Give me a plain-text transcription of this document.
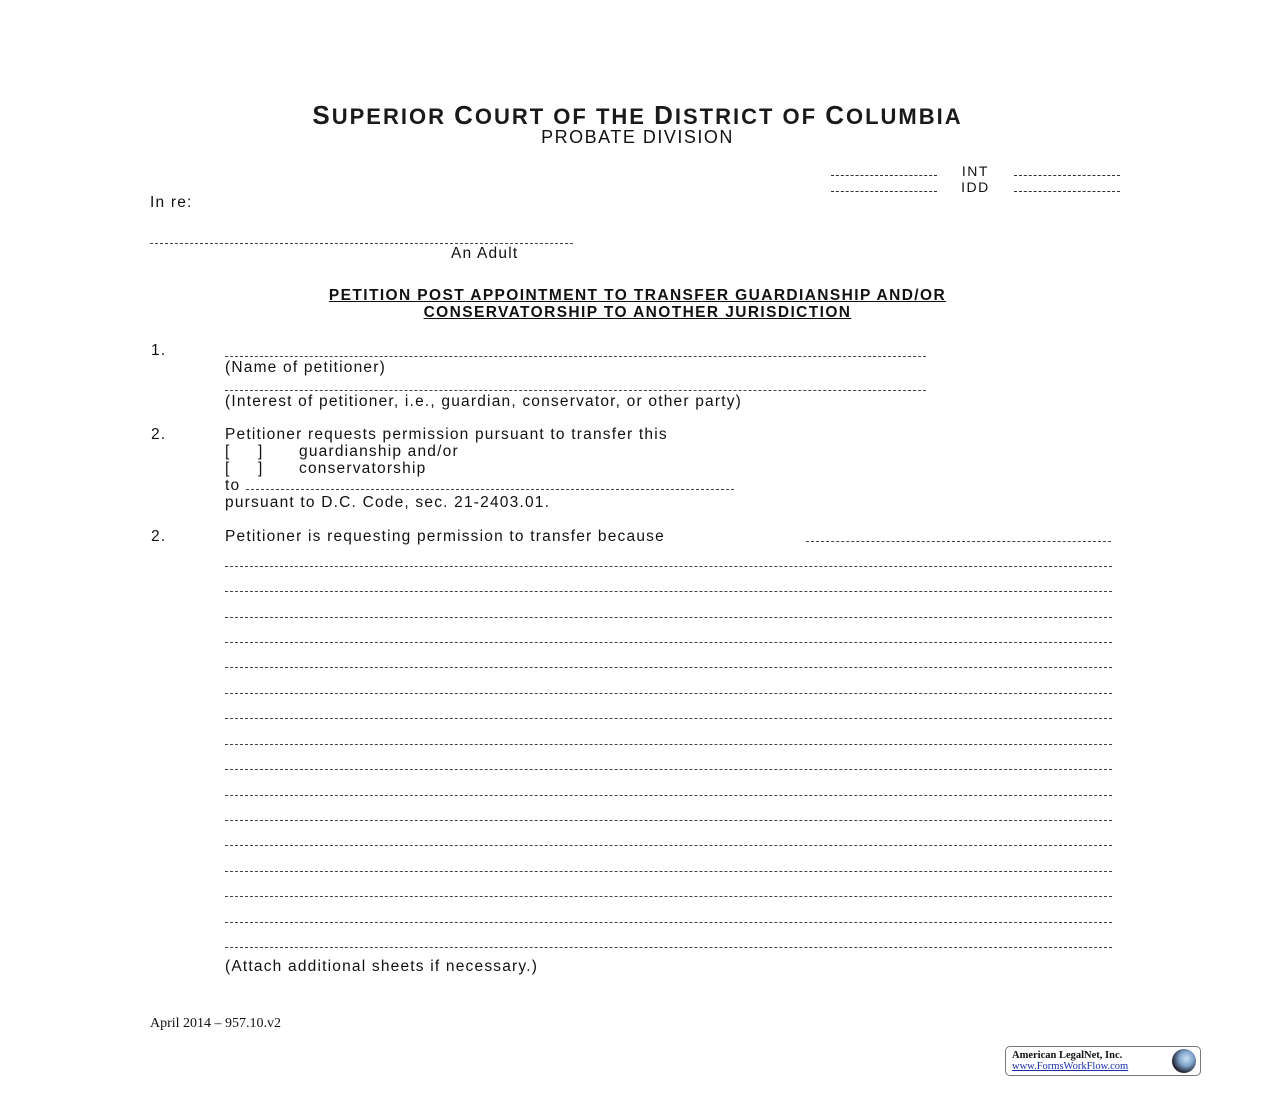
SUPERIOR COURT OF THE DISTRICT OF COLUMBIA
PROBATE DIVISION
INT
IDD
In re:
An Adult
PETITION POST APPOINTMENT TO TRANSFER GUARDIANSHIP AND/OR
CONSERVATORSHIP TO ANOTHER JURISDICTION
1.
(Name of petitioner)
(Interest of petitioner, i.e., guardian, conservator, or other party)
2.	Petitioner requests permission pursuant to transfer this
[     ] guardianship and/or
[     ] conservatorship
to
pursuant to D.C. Code, sec. 21-2403.01.
2.	Petitioner is requesting permission to transfer because
(Attach additional sheets if necessary.)
April 2014 – 957.10.v2
American LegalNet, Inc.
www.FormsWorkFlow.com
